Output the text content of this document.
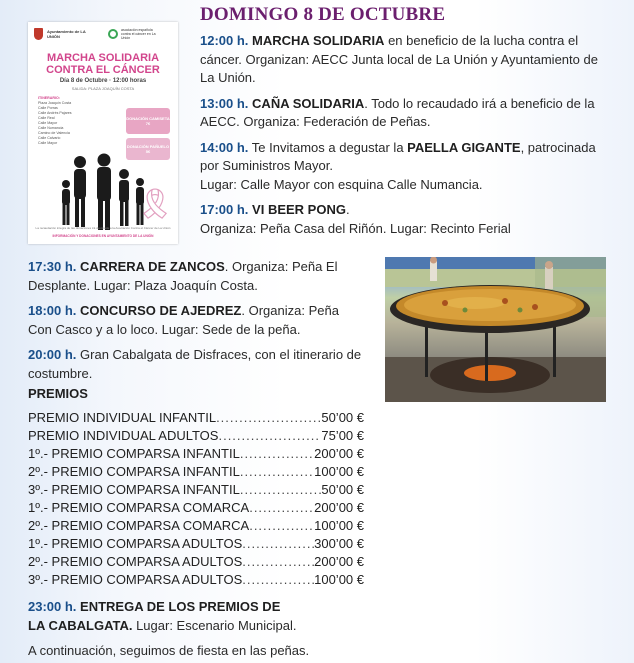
DOMINGO 8 DE OCTUBRE
Ayuntamiento de LA UNIÓN
asociación española contra el cáncer en La Unión
MARCHA SOLIDARIA
CONTRA EL CÁNCER
Día 8 de Octubre · 12:00 horas
SALIDA: PLAZA JOAQUÍN COSTA
ITINERARIO:
Plaza Joaquín Costa
Calle Porras
Calle Andrés Pajares
Calle Real
Calle Mayor
Calle Numancia
Camino de Valencia
Calle Calvario
Calle Mayor
DONACIÓN CAMISETA 7€
DONACIÓN PAÑUELO 5€
🎗
La recaudación integra de las donaciones irá destinada a la Asociación Contra el Cáncer de La Unión
INFORMACIÓN Y DONACIONES EN AYUNTAMIENTO DE LA UNIÓN

12:00 h. MARCHA SOLIDARIA en beneficio de la lucha contra el cáncer. Organizan: AECC Junta local de La Unión y Ayuntamiento de La Unión.

13:00 h. CAÑA SOLIDARIA. Todo lo recaudado irá a beneficio de la AECC. Organiza: Federación de Peñas.

14:00 h. Te Invitamos a degustar la PAELLA GIGANTE, patrocinada por Suministros Mayor.
Lugar: Calle Mayor con esquina Calle Numancia.

17:00 h. VI BEER PONG.
Organiza: Peña Casa del Riñón. Lugar: Recinto Ferial

17:30 h. CARRERA DE ZANCOS. Organiza: Peña El Desplante. Lugar: Plaza Joaquín Costa.

18:00 h. CONCURSO DE AJEDREZ. Organiza: Peña Con Casco y a lo loco. Lugar: Sede de la peña.

20:00 h. Gran Cabalgata de Disfraces, con el itinerario de costumbre.

PREMIOS
PREMIO INDIVIDUAL INFANTIL .....	50’00 €
PREMIO INDIVIDUAL ADULTOS .....	75’00 €
1º.- PREMIO COMPARSA INFANTIL .....	200’00 €
2º.- PREMIO COMPARSA INFANTIL .....	100’00 €
3º.- PREMIO COMPARSA INFANTIL .....	50’00 €
1º.- PREMIO COMPARSA COMARCA .....	200’00 €
2º.- PREMIO COMPARSA COMARCA .....	100’00 €
1º.- PREMIO COMPARSA ADULTOS .....	300’00 €
2º.- PREMIO COMPARSA ADULTOS .....	200’00 €
3º.- PREMIO COMPARSA ADULTOS .....	100’00 €

23:00 h. ENTREGA DE LOS PREMIOS DE
LA CABALGATA. Lugar: Escenario Municipal.

A continuación, seguimos de fiesta en las peñas.
